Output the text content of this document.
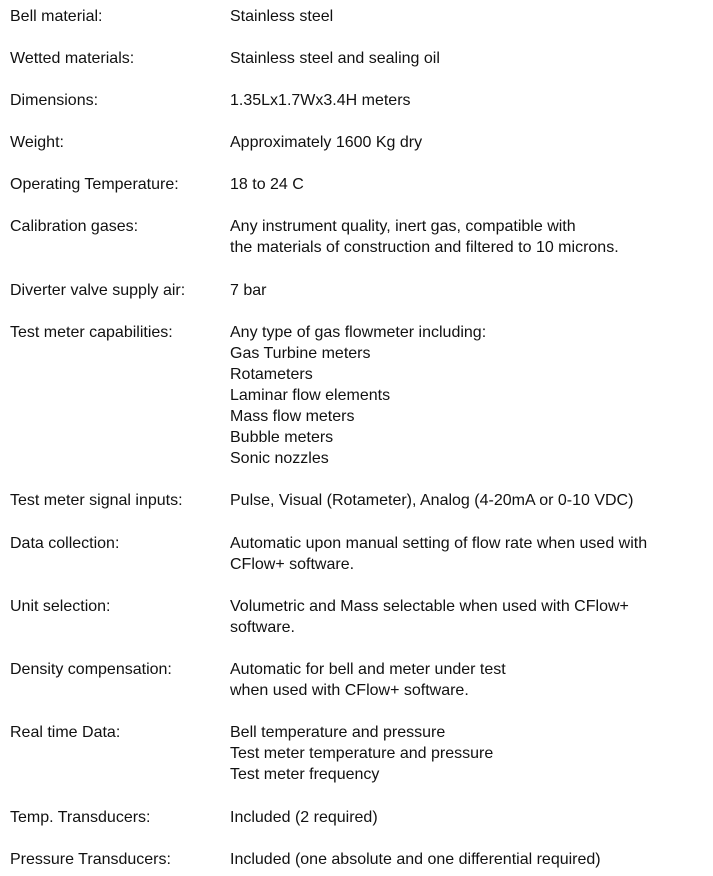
Bell material:	Stainless steel
Wetted materials:	Stainless steel and sealing oil
Dimensions:	1.35Lx1.7Wx3.4H meters
Weight:	Approximately 1600 Kg dry
Operating Temperature:	18 to 24 C
Calibration gases:	Any instrument quality, inert gas, compatible with
the materials of construction and filtered to 10 microns.
Diverter valve supply air:	7 bar
Test meter capabilities:	Any type of gas flowmeter including:
Gas Turbine meters
Rotameters
Laminar flow elements
Mass flow meters
Bubble meters
Sonic nozzles
Test meter signal inputs:	Pulse, Visual (Rotameter), Analog (4-20mA or 0-10 VDC)
Data collection:	Automatic upon manual setting of flow rate when used with
CFlow+ software.
Unit selection:	Volumetric and Mass selectable when used with CFlow+
software.
Density compensation:	Automatic for bell and meter under test
when used with CFlow+ software.
Real time Data:	Bell temperature and pressure
Test meter temperature and pressure
Test meter frequency
Temp. Transducers:	Included (2 required)
Pressure Transducers:	Included (one absolute and one differential required)
